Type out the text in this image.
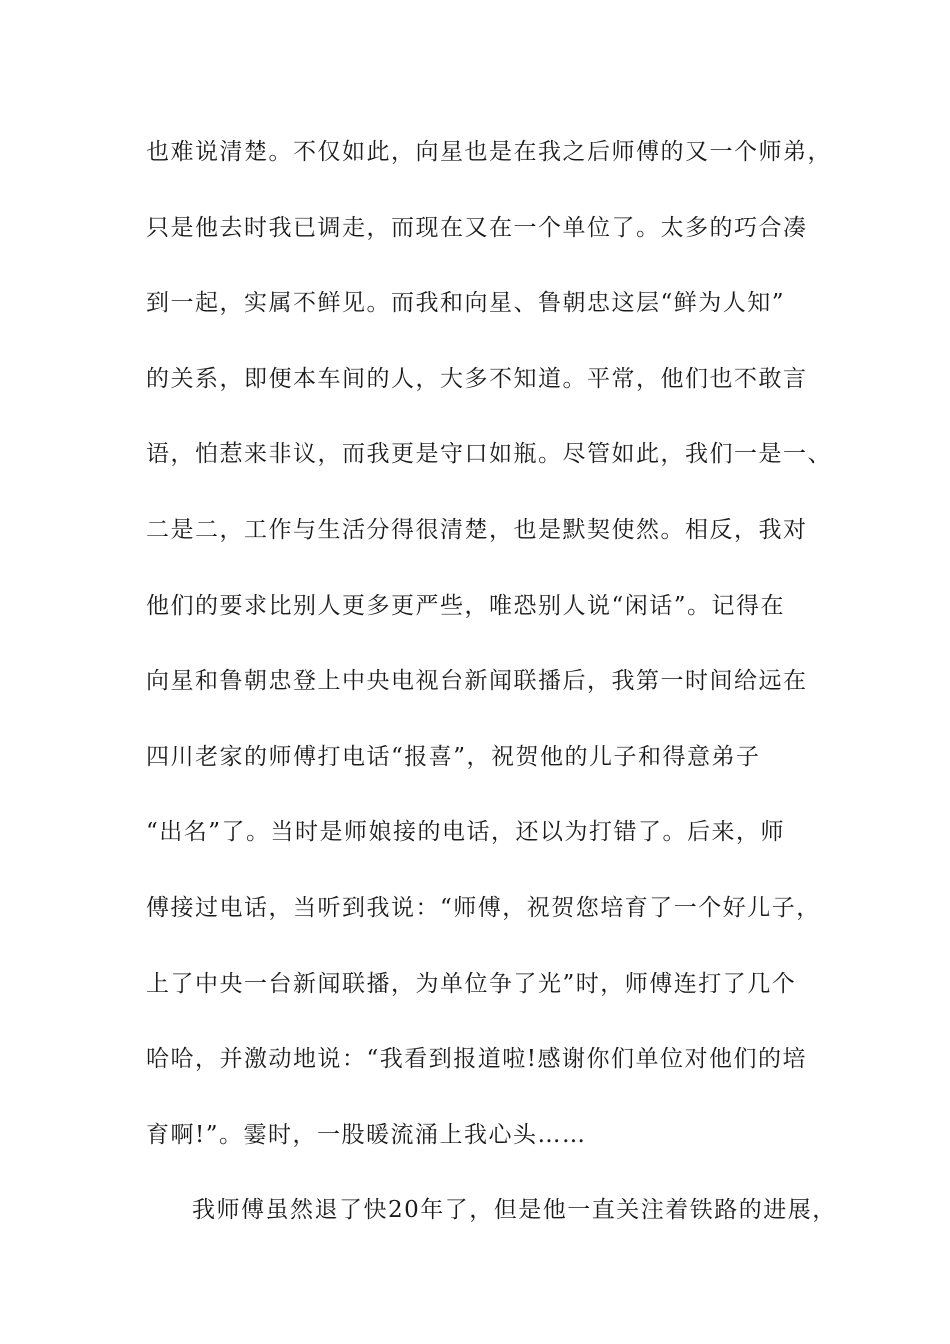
也难说清楚。不仅如此，向星也是在我之后师傅的又一个师弟，
只是他去时我已调走，而现在又在一个单位了。太多的巧合凑
到一起，实属不鲜见。而我和向星、鲁朝忠这层“鲜为人知”
的关系，即便本车间的人，大多不知道。平常，他们也不敢言
语，怕惹来非议，而我更是守口如瓶。尽管如此，我们一是一、
二是二，工作与生活分得很清楚，也是默契使然。相反，我对
他们的要求比别人更多更严些，唯恐别人说“闲话”。记得在
向星和鲁朝忠登上中央电视台新闻联播后，我第一时间给远在
四川老家的师傅打电话“报喜”，祝贺他的儿子和得意弟子
“出名”了。当时是师娘接的电话，还以为打错了。后来，师
傅接过电话，当听到我说：“师傅，祝贺您培育了一个好儿子，
上了中央一台新闻联播，为单位争了光”时，师傅连打了几个
哈哈，并激动地说：“我看到报道啦!感谢你们单位对他们的培
育啊!”。霎时，一股暖流涌上我心头……
我师傅虽然退了快20年了，但是他一直关注着铁路的进展，
